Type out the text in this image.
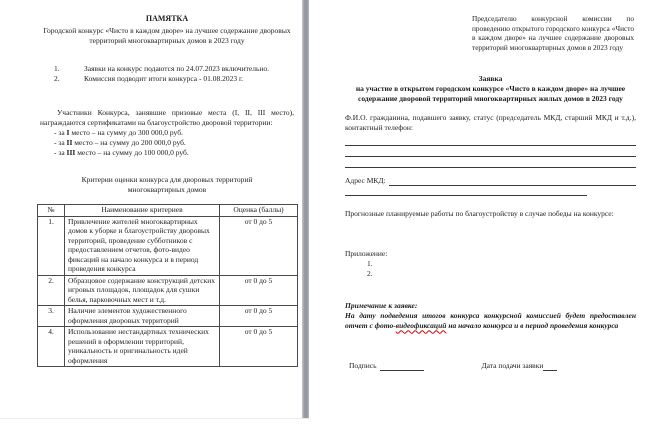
ПАМЯТКА
Городской конкурс «Чисто в каждом дворе» на лучшее содержание дворовых территорий многоквартирных домов в 2023 году
1.	Заявки на конкурс подаются по 24.07.2023 включительно.
2.	Комиссия подводит итоги конкурса - 01.08.2023 г.
Участники Конкурса, занявшие призовые места (I, II, III место), награждаются сертификатами на благоустройство дворовой территории:
- за I место – на сумму до 300 000,0 руб.
- за II место – на сумму до 200 000,0 руб.
- за III место – на сумму до 100 000,0 руб.
Критерии оценки конкурса для дворовых территорий многоквартирных домов
№	Наименование критериев	Оценка (баллы)
1.	Привлечение жителей многоквартирных домов к уборке и благоустройству дворовых территорий, проведение субботников с предоставлением отчетов, фото-видео фиксаций на начало конкурса и в период проведения конкурса	от 0 до 5
2.	Образцовое содержание конструкций детских игровых площадок, площадок для сушки белья, парковочных мест и т.д.	от 0 до 5
3.	Наличие элементов художественного оформления дворовых территорий	от 0 до 5
4.	Использование нестандартных технических решений в оформлении территорий, уникальность и оригинальность идей оформления	от 0 до 5
Председателю конкурсной комиссии по проведению открытого городского конкурса «Чисто в каждом дворе» на лучшее содержание дворовых территорий многоквартирных домов в 2023 году
Заявка
на участие в открытом городском конкурсе «Чисто в каждом дворе» на лучшее содержание дворовой территорий многоквартирных жилых домов в 2023 году
Ф.И.О. гражданина, подавшего заявку, статус (председатель МКД, старший МКД и т.д.), контактный телефон:
Адрес МКД:
Прогнозные планируемые работы по благоустройству в случае победы на конкурсе:
Приложение:
1.
2.
Примечание к заявке:
На дату подведения итогов конкурса конкурсной комиссией будет предоставлен отчет с фото-видеофиксаций на начало конкурса и в период проведения конкурса
Подпись	Дата подачи заявки
